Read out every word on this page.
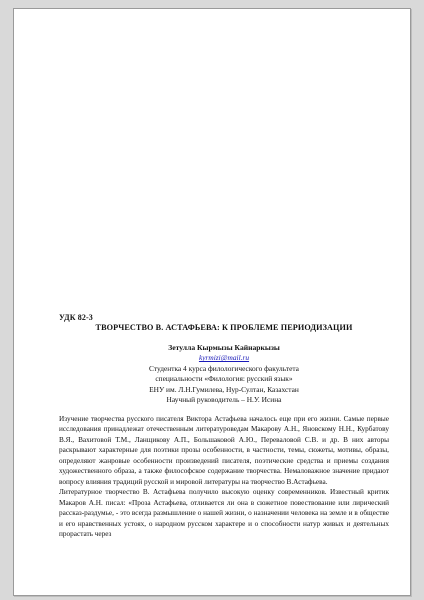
УДК 82-3
ТВОРЧЕСТВО В. АСТАФЬЕВА: К ПРОБЛЕМЕ ПЕРИОДИЗАЦИИ
Зетулла Кырмызы Кайнаркызы
kyrmizi@mail.ru
Студентка 4 курса филологического факультета
специальности «Филология: русский язык»
ЕНУ им. Л.Н.Гумилева, Нур-Султан, Казахстан
Научный руководитель – Н.У. Исина

Изучение творчества русского писателя Виктора Астафьева началось еще при его жизни. Самые первые исследования принадлежат отечественным литературоведам Макарову А.Н., Яновскому Н.Н., Курбатову В.Я., Вахитовой Т.М., Ланщикову А.П., Большаковой А.Ю., Переваловой С.В. и др. В них авторы раскрывают характерные для поэтики прозы особенности, в частности, темы, сюжеты, мотивы, образы, определяют жанровые особенности произведений писателя, поэтические средства и приемы создания художественного образа, а также философское содержание творчества. Немаловажное значение придают вопросу влияния традиций русской и мировой литературы на творчество В.Астафьева.

Литературное творчество В. Астафьева получило высокую оценку современников. Известный критик Макаров А.Н. писал: «Проза Астафьева, отливается ли она в сюжетное повествование или лирический рассказ-раздумье, - это всегда размышление о нашей жизни, о назначении человека на земле и в обществе и его нравственных устоях, о народном русском характере и о способности натур живых и деятельных прорастать через
